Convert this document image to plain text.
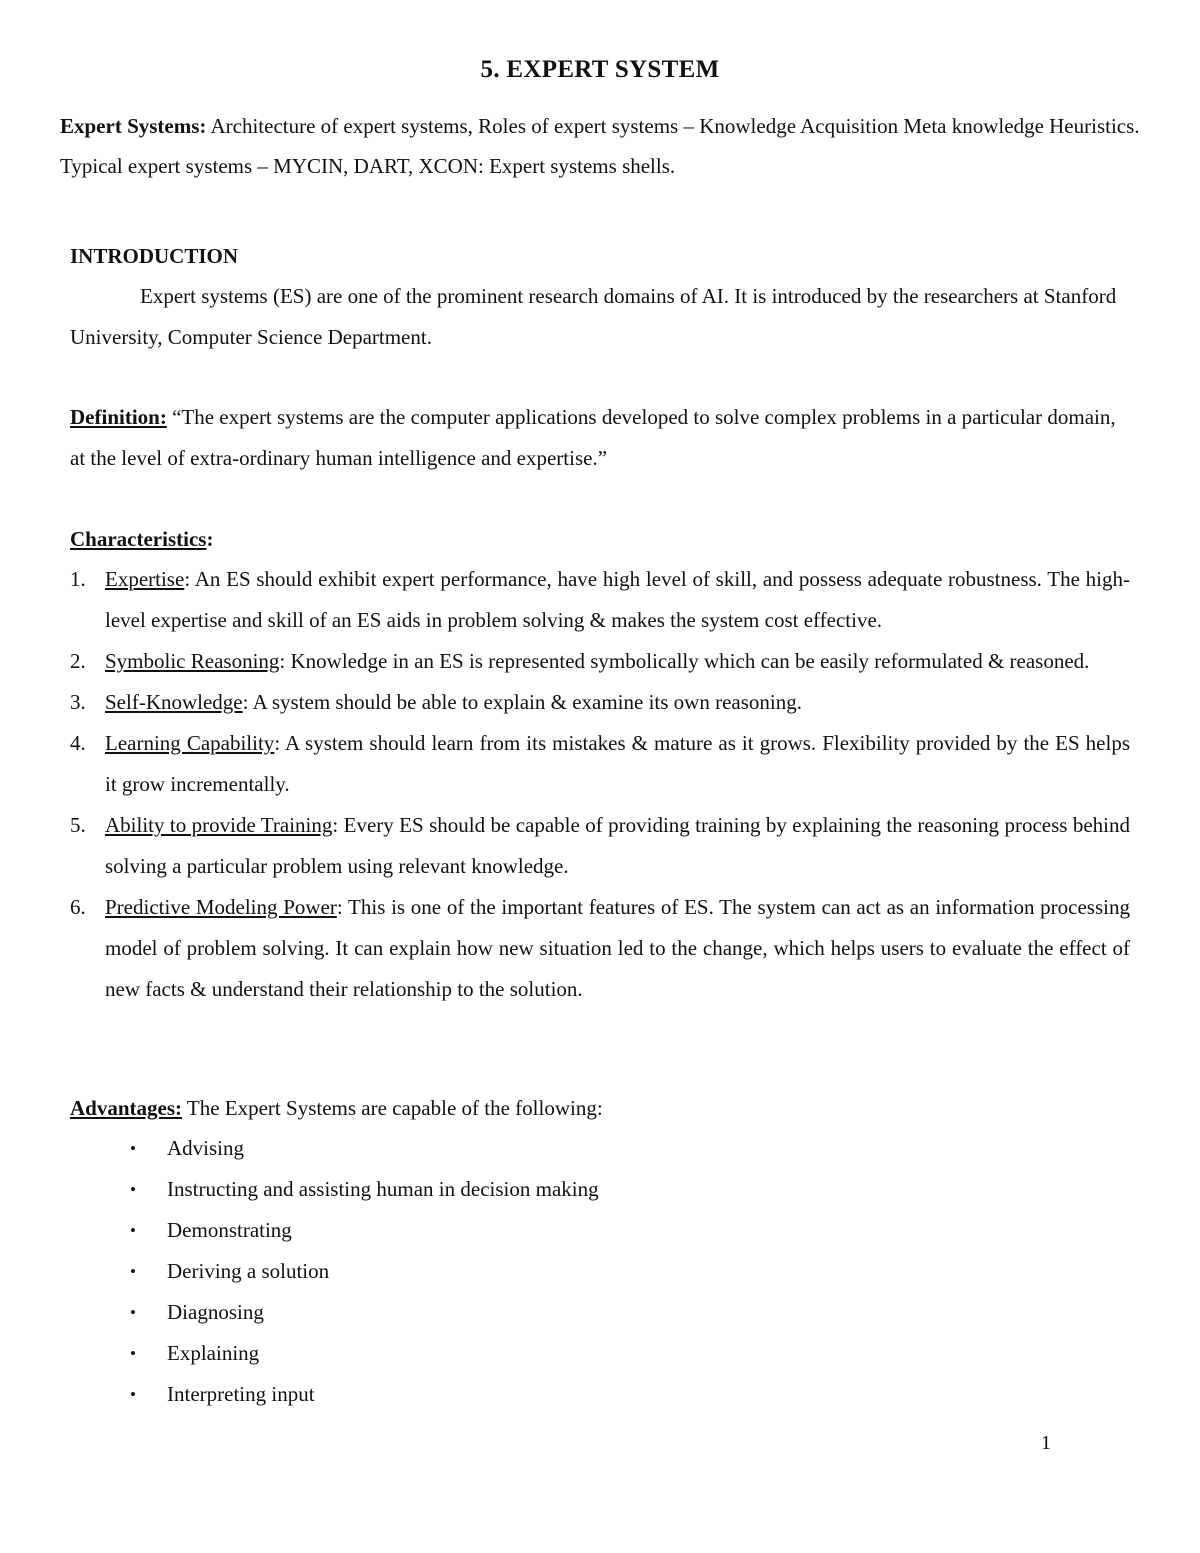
5. EXPERT SYSTEM
Expert Systems: Architecture of expert systems, Roles of expert systems – Knowledge Acquisition Meta knowledge Heuristics. Typical expert systems – MYCIN, DART, XCON: Expert systems shells.
INTRODUCTION
Expert systems (ES) are one of the prominent research domains of AI. It is introduced by the researchers at Stanford University, Computer Science Department.
Definition: “The expert systems are the computer applications developed to solve complex problems in a particular domain, at the level of extra-ordinary human intelligence and expertise.”
Characteristics:
1. Expertise: An ES should exhibit expert performance, have high level of skill, and possess adequate robustness. The high-level expertise and skill of an ES aids in problem solving & makes the system cost effective.
2. Symbolic Reasoning: Knowledge in an ES is represented symbolically which can be easily reformulated & reasoned.
3. Self-Knowledge: A system should be able to explain & examine its own reasoning.
4. Learning Capability: A system should learn from its mistakes & mature as it grows. Flexibility provided by the ES helps it grow incrementally.
5. Ability to provide Training: Every ES should be capable of providing training by explaining the reasoning process behind solving a particular problem using relevant knowledge.
6. Predictive Modeling Power: This is one of the important features of ES. The system can act as an information processing model of problem solving. It can explain how new situation led to the change, which helps users to evaluate the effect of new facts & understand their relationship to the solution.
Advantages: The Expert Systems are capable of the following:
• Advising
• Instructing and assisting human in decision making
• Demonstrating
• Deriving a solution
• Diagnosing
• Explaining
• Interpreting input
1
